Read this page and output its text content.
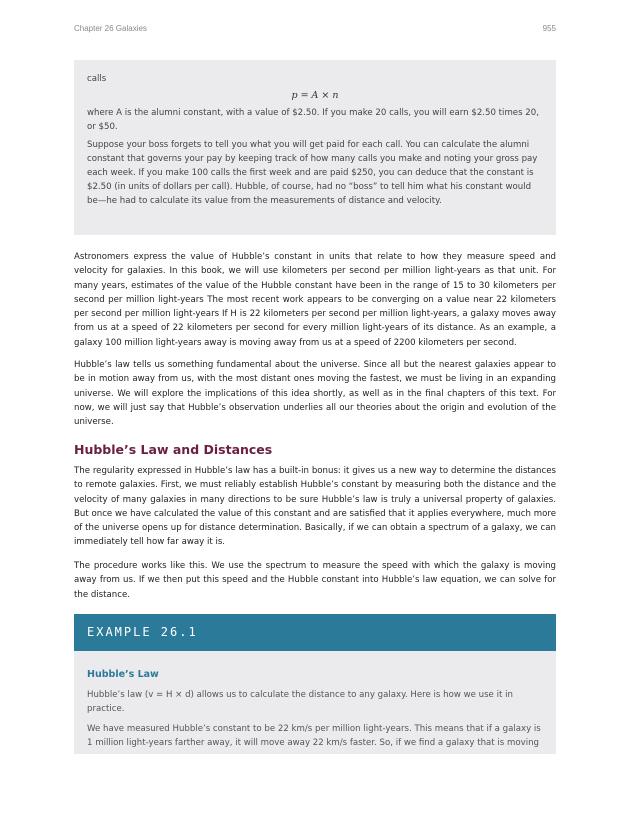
Chapter 26 Galaxies	955

calls

p = A × n

where A is the alumni constant, with a value of $2.50. If you make 20 calls, you will earn $2.50 times 20, or $50.

Suppose your boss forgets to tell you what you will get paid for each call. You can calculate the alumni constant that governs your pay by keeping track of how many calls you make and noting your gross pay each week. If you make 100 calls the first week and are paid $250, you can deduce that the constant is $2.50 (in units of dollars per call). Hubble, of course, had no “boss” to tell him what his constant would be—he had to calculate its value from the measurements of distance and velocity.

Astronomers express the value of Hubble’s constant in units that relate to how they measure speed and velocity for galaxies. In this book, we will use kilometers per second per million light-years as that unit. For many years, estimates of the value of the Hubble constant have been in the range of 15 to 30 kilometers per second per million light-years The most recent work appears to be converging on a value near 22 kilometers per second per million light-years If H is 22 kilometers per second per million light-years, a galaxy moves away from us at a speed of 22 kilometers per second for every million light-years of its distance. As an example, a galaxy 100 million light-years away is moving away from us at a speed of 2200 kilometers per second.

Hubble’s law tells us something fundamental about the universe. Since all but the nearest galaxies appear to be in motion away from us, with the most distant ones moving the fastest, we must be living in an expanding universe. We will explore the implications of this idea shortly, as well as in the final chapters of this text. For now, we will just say that Hubble’s observation underlies all our theories about the origin and evolution of the universe.

Hubble’s Law and Distances

The regularity expressed in Hubble’s law has a built-in bonus: it gives us a new way to determine the distances to remote galaxies. First, we must reliably establish Hubble’s constant by measuring both the distance and the velocity of many galaxies in many directions to be sure Hubble’s law is truly a universal property of galaxies. But once we have calculated the value of this constant and are satisfied that it applies everywhere, much more of the universe opens up for distance determination. Basically, if we can obtain a spectrum of a galaxy, we can immediately tell how far away it is.

The procedure works like this. We use the spectrum to measure the speed with which the galaxy is moving away from us. If we then put this speed and the Hubble constant into Hubble’s law equation, we can solve for the distance.

EXAMPLE 26.1
Hubble’s Law

Hubble’s law (v = H × d) allows us to calculate the distance to any galaxy. Here is how we use it in practice.

We have measured Hubble’s constant to be 22 km/s per million light-years. This means that if a galaxy is 1 million light-years farther away, it will move away 22 km/s faster. So, if we find a galaxy that is moving
